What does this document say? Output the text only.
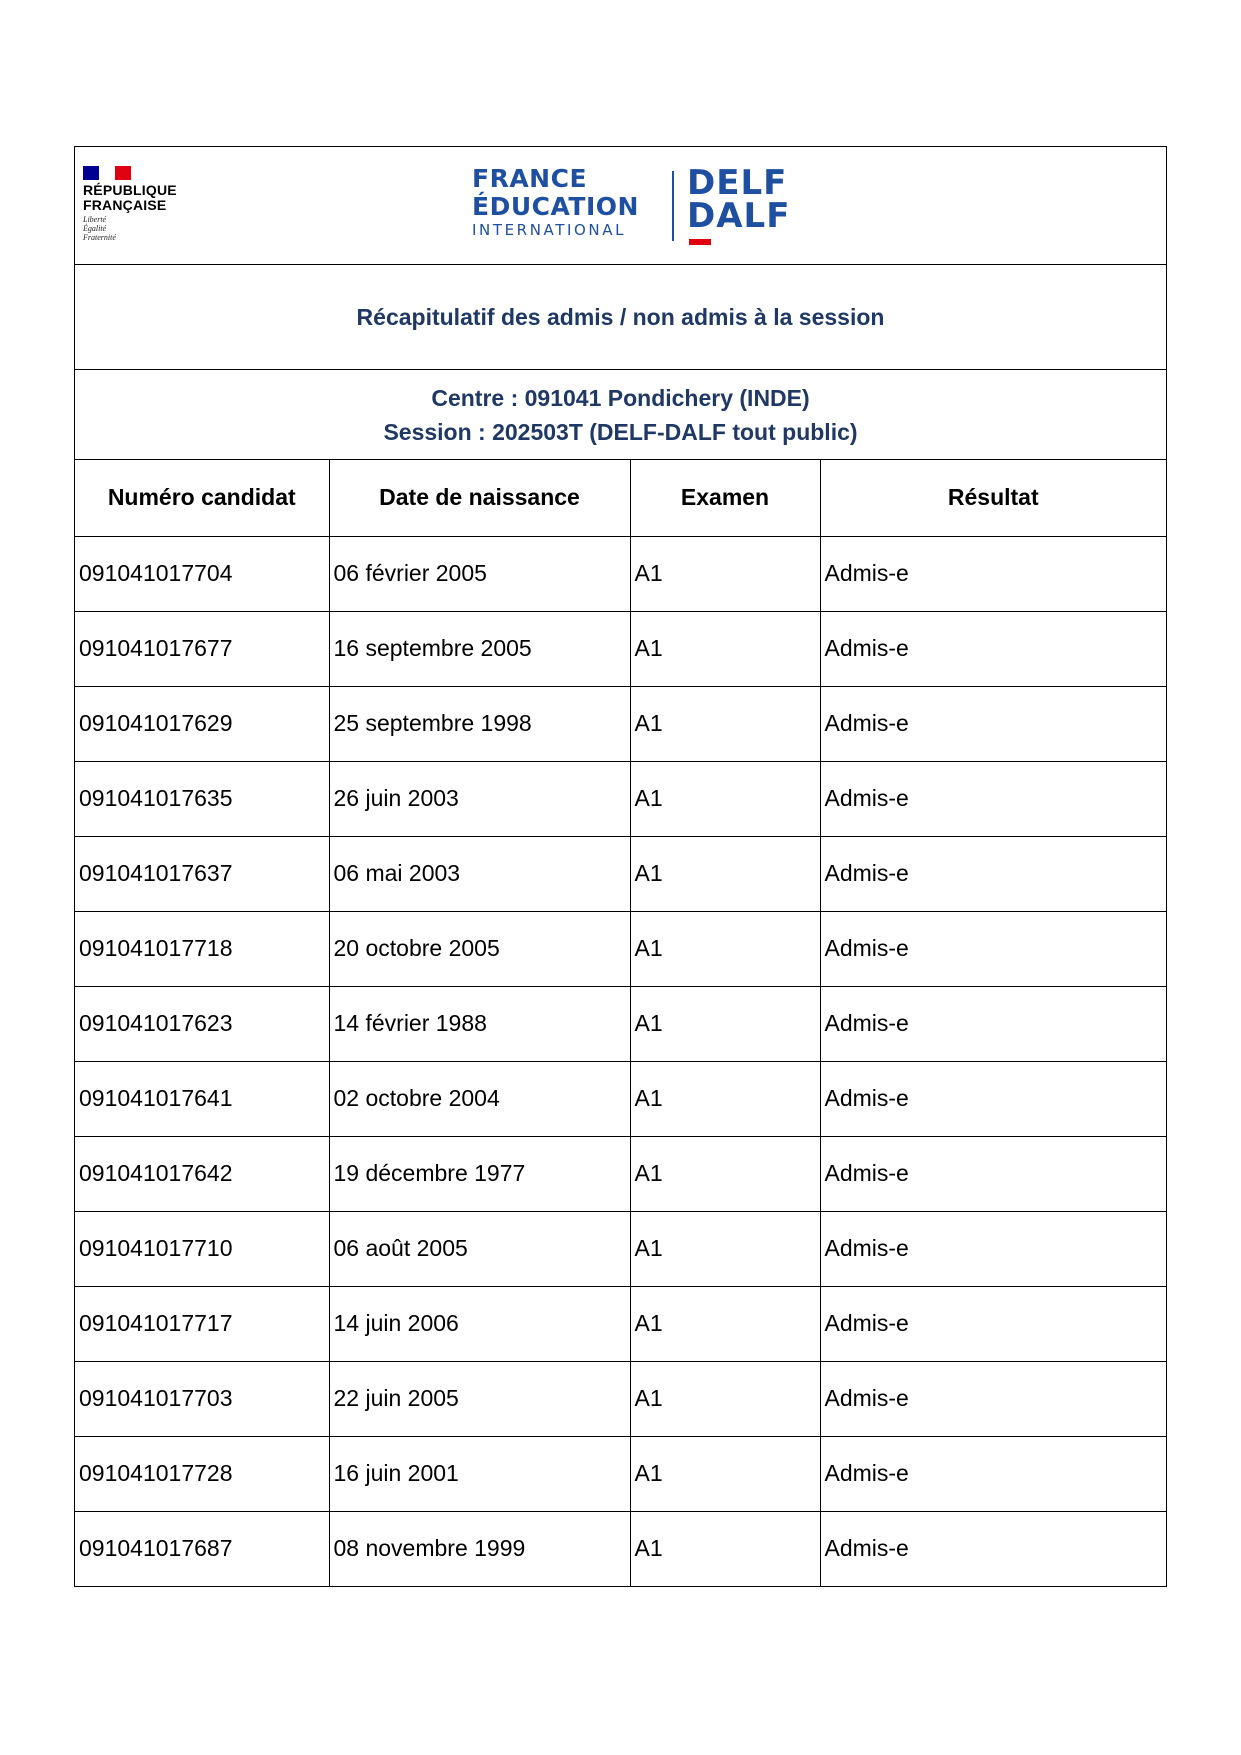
RÉPUBLIQUE
FRANÇAISE
Liberté
Égalité
Fraternité
FRANCE
ÉDUCATION
INTERNATIONAL
DELF
DALF
Récapitulatif des admis / non admis à la session
Centre : 091041 Pondichery (INDE)
Session : 202503T (DELF-DALF tout public)
Numéro candidat	Date de naissance	Examen	Résultat
091041017704	06 février 2005	A1	Admis-e
091041017677	16 septembre 2005	A1	Admis-e
091041017629	25 septembre 1998	A1	Admis-e
091041017635	26 juin 2003	A1	Admis-e
091041017637	06 mai 2003	A1	Admis-e
091041017718	20 octobre 2005	A1	Admis-e
091041017623	14 février 1988	A1	Admis-e
091041017641	02 octobre 2004	A1	Admis-e
091041017642	19 décembre 1977	A1	Admis-e
091041017710	06 août 2005	A1	Admis-e
091041017717	14 juin 2006	A1	Admis-e
091041017703	22 juin 2005	A1	Admis-e
091041017728	16 juin 2001	A1	Admis-e
091041017687	08 novembre 1999	A1	Admis-e
